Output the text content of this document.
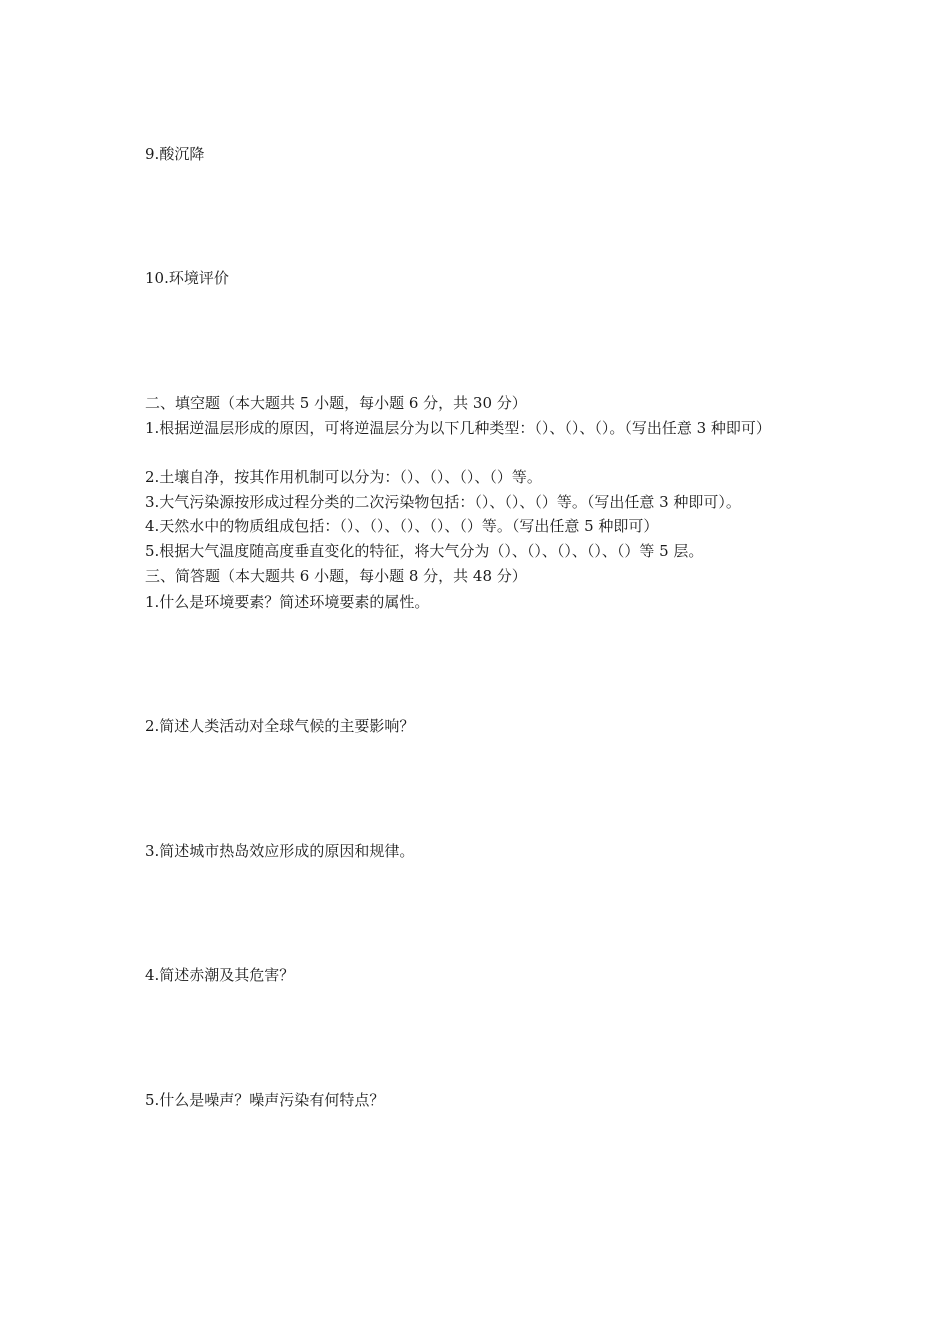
9.酸沉降
10.环境评价
二、填空题（本大题共 5 小题，每小题 6 分，共 30 分）
1.根据逆温层形成的原因，可将逆温层分为以下几种类型：（）、（）、（）。（写出任意 3 种即可）
2.土壤自净，按其作用机制可以分为：（）、（）、（）、（）等。
3.大气污染源按形成过程分类的二次污染物包括：（）、（）、（）等。（写出任意 3 种即可）。
4.天然水中的物质组成包括：（）、（）、（）、（）、（）等。（写出任意 5 种即可）
5.根据大气温度随高度垂直变化的特征，将大气分为（）、（）、（）、（）、（）等 5 层。
三、简答题（本大题共 6 小题，每小题 8 分，共 48 分）
1.什么是环境要素？简述环境要素的属性。
2.简述人类活动对全球气候的主要影响？
3.简述城市热岛效应形成的原因和规律。
4.简述赤潮及其危害？
5.什么是噪声？噪声污染有何特点？
